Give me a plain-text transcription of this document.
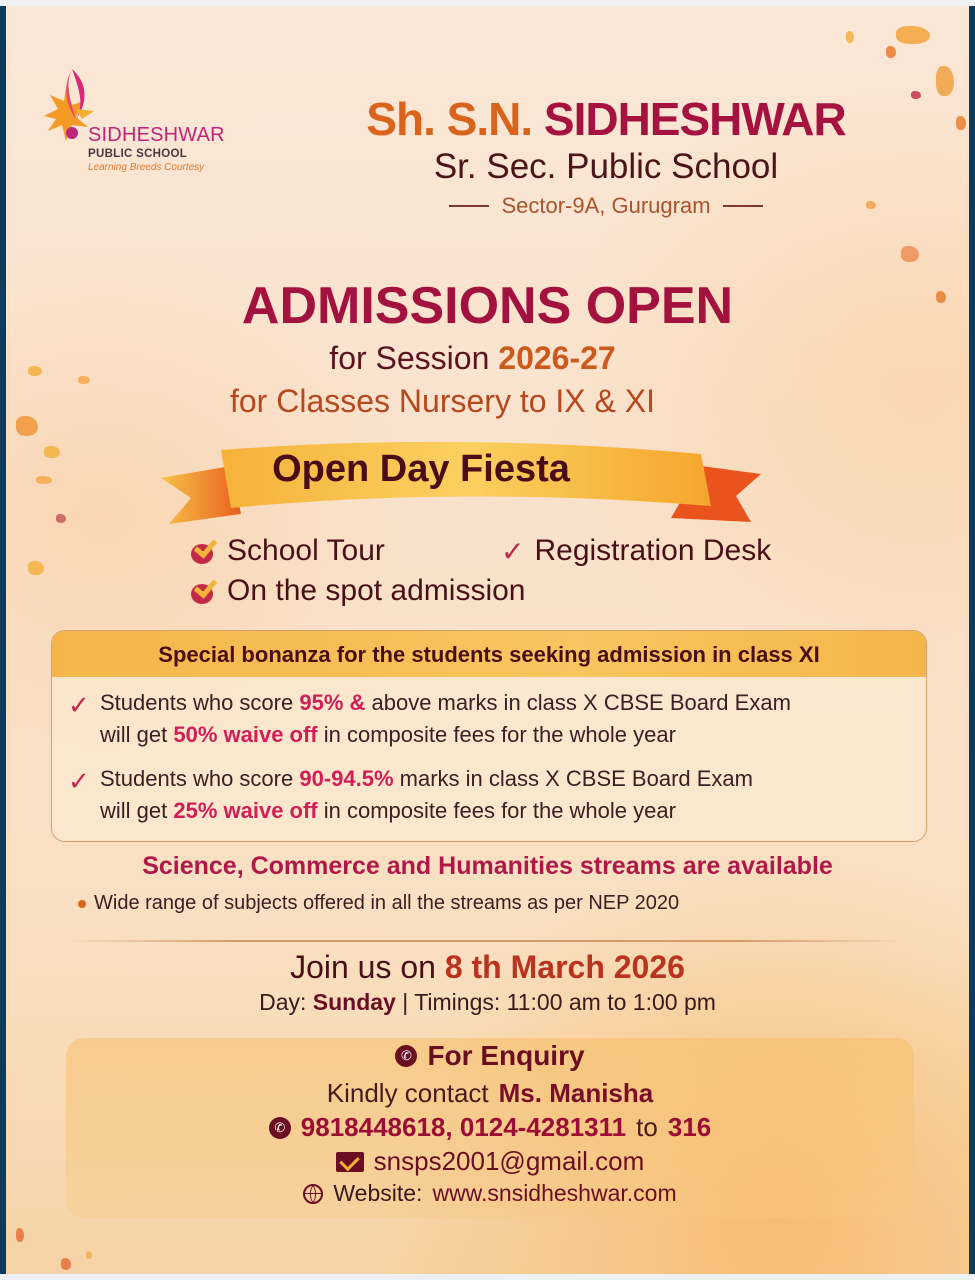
SIDHESHWAR
PUBLIC SCHOOL
Learning Breeds Courtesy
Sh. S.N. SIDHESHWAR
Sr. Sec. Public School
Sector-9A, Gurugram
ADMISSIONS OPEN
for Session 2026-27
for Classes Nursery to IX & XI
Open Day Fiesta
School Tour	✓ Registration Desk
On the spot admission
Special bonanza for the students seeking admission in class XI
✓ Students who score 95% & above marks in class X CBSE Board Exam
will get 50% waive off in composite fees for the whole year
✓ Students who score 90-94.5% marks in class X CBSE Board Exam
will get 25% waive off in composite fees for the whole year
Science, Commerce and Humanities streams are available
Wide range of subjects offered in all the streams as per NEP 2020
Join us on 8 th March 2026
Day: Sunday | Timings: 11:00 am to 1:00 pm
✆ For Enquiry
Kindly contact Ms. Manisha
✆ 9818448618, 0124-4281311 to 316
snsps2001@gmail.com
Website: www.snsidheshwar.com
